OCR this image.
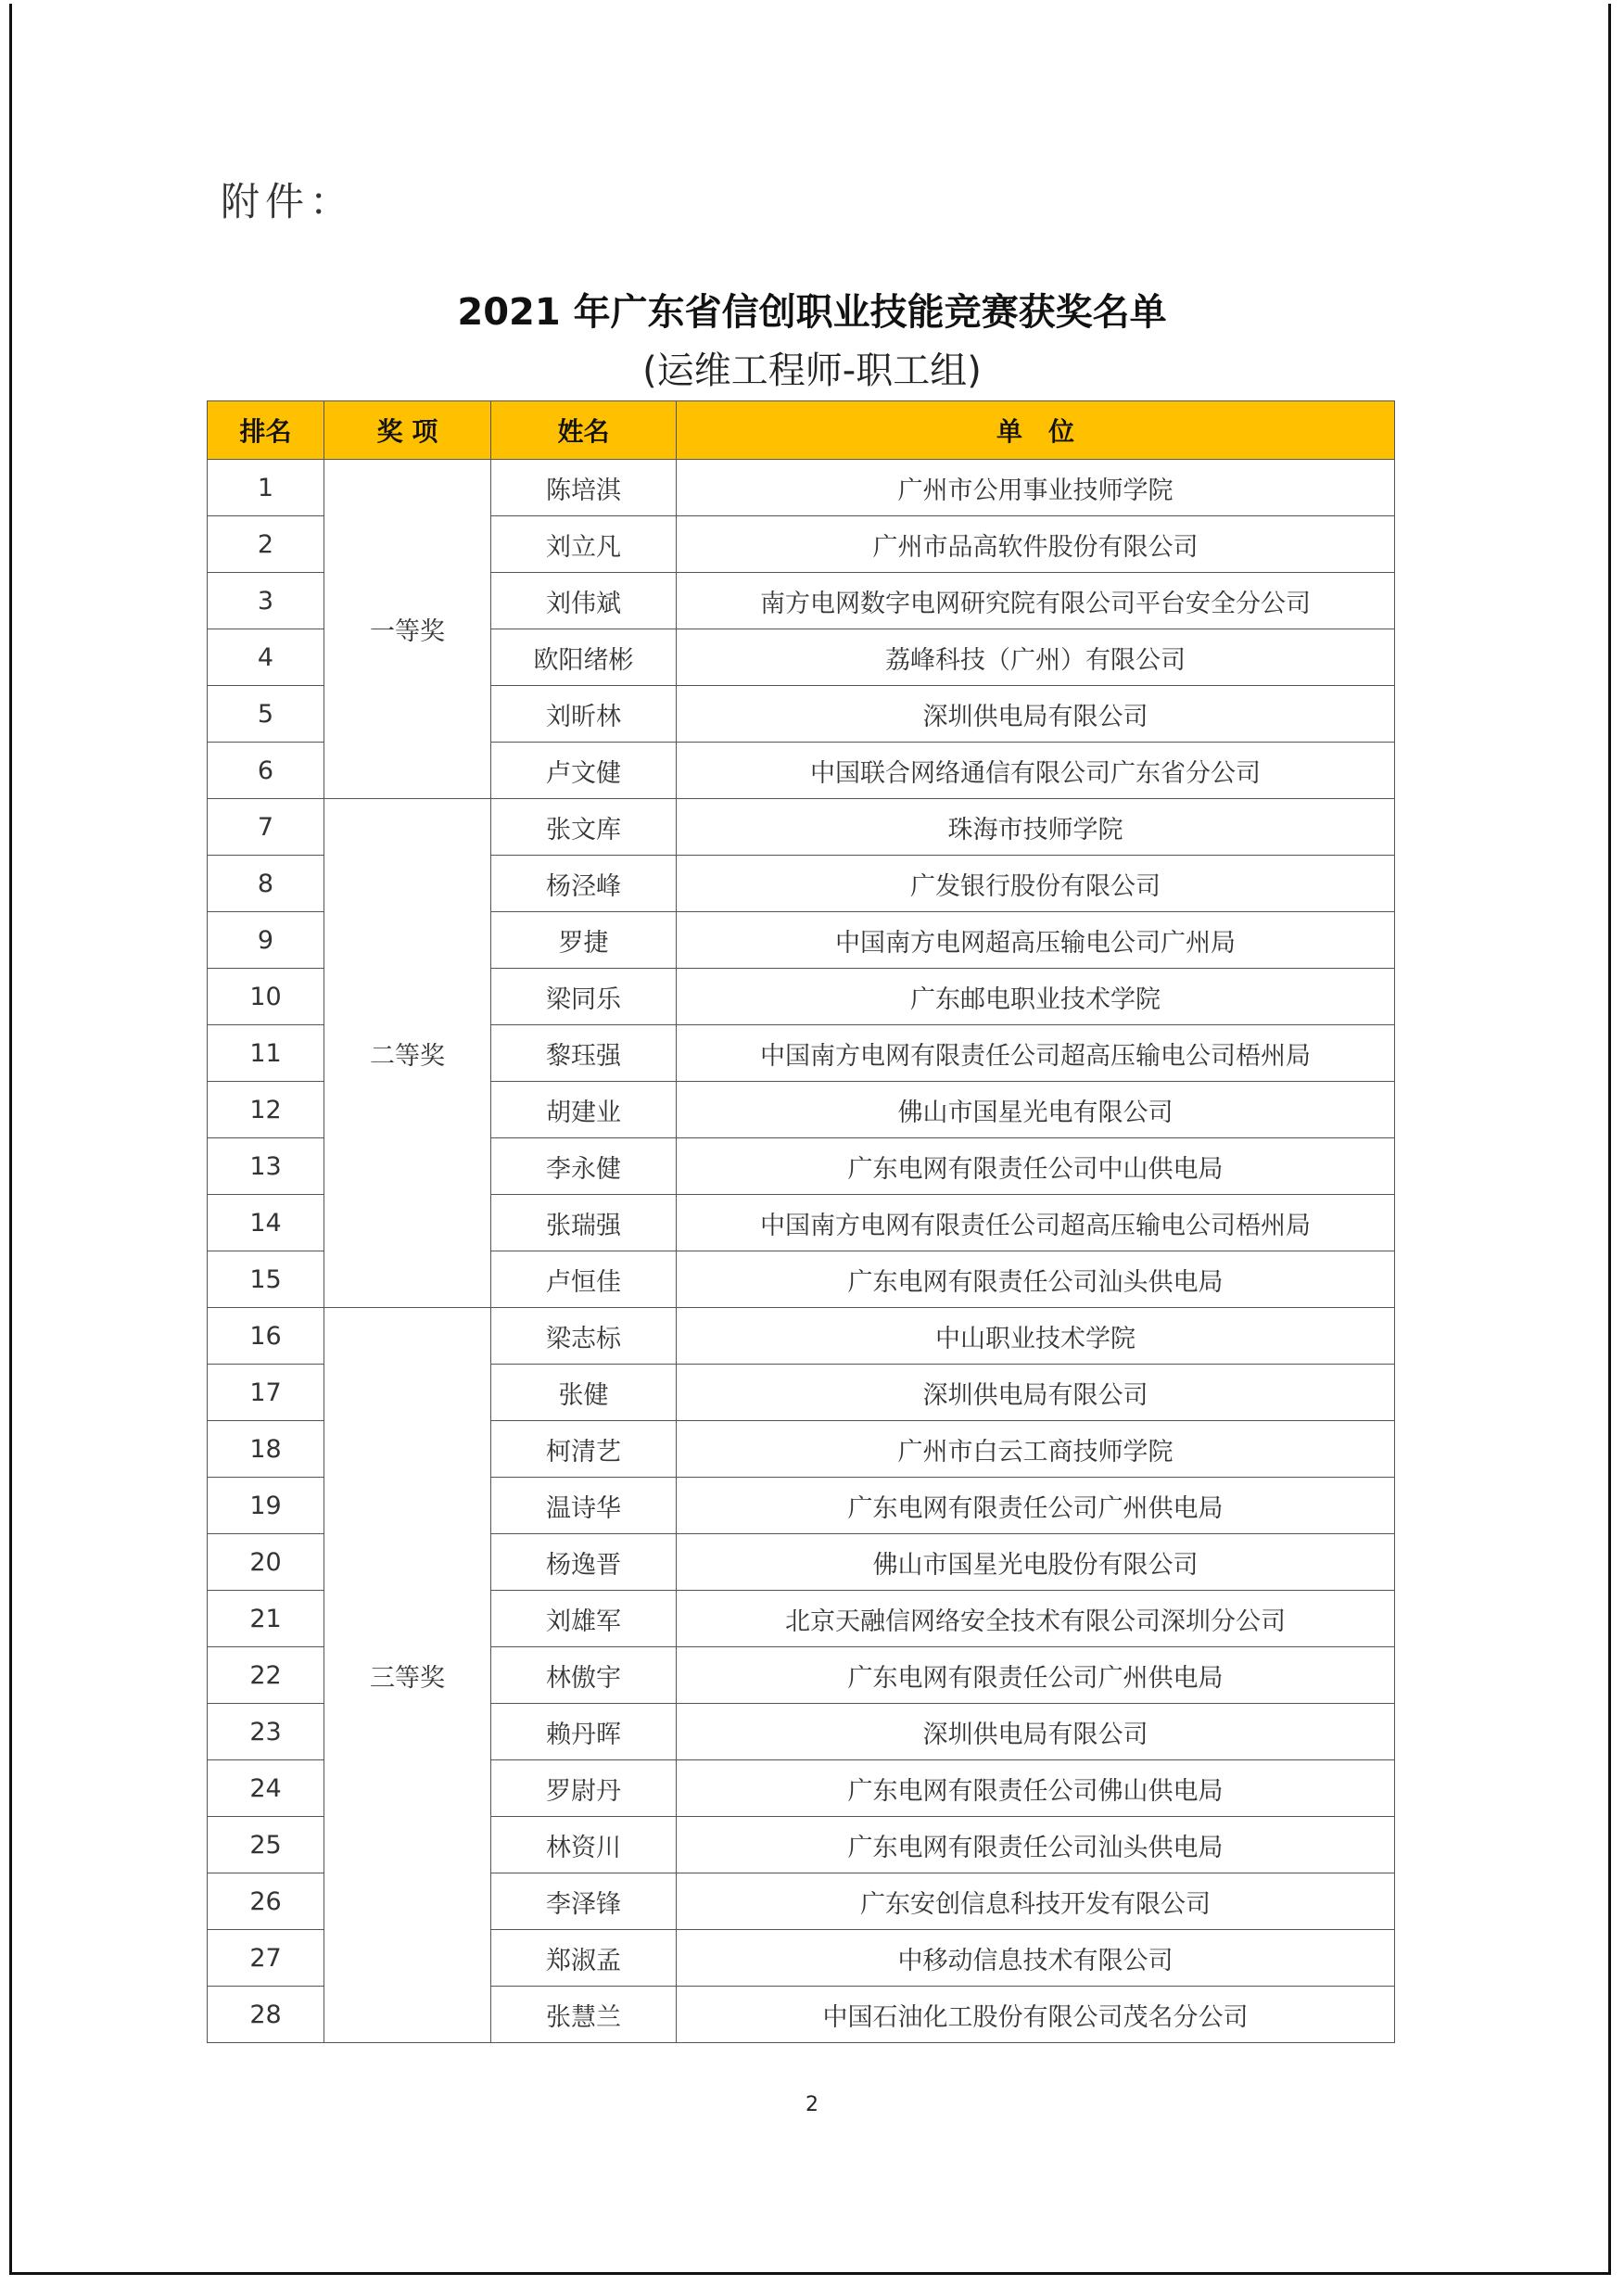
附件：
2021 年广东省信创职业技能竞赛获奖名单
(运维工程师-职工组)
排名	奖 项	姓名	单　位
1	一等奖	陈培淇	广州市公用事业技师学院
2		刘立凡	广州市品高软件股份有限公司
3		刘伟斌	南方电网数字电网研究院有限公司平台安全分公司
4		欧阳绪彬	荔峰科技（广州）有限公司
5		刘昕林	深圳供电局有限公司
6		卢文健	中国联合网络通信有限公司广东省分公司
7	二等奖	张文库	珠海市技师学院
8		杨泾峰	广发银行股份有限公司
9		罗捷	中国南方电网超高压输电公司广州局
10		梁同乐	广东邮电职业技术学院
11		黎珏强	中国南方电网有限责任公司超高压输电公司梧州局
12		胡建业	佛山市国星光电有限公司
13		李永健	广东电网有限责任公司中山供电局
14		张瑞强	中国南方电网有限责任公司超高压输电公司梧州局
15		卢恒佳	广东电网有限责任公司汕头供电局
16	三等奖	梁志标	中山职业技术学院
17		张健	深圳供电局有限公司
18		柯清艺	广州市白云工商技师学院
19		温诗华	广东电网有限责任公司广州供电局
20		杨逸晋	佛山市国星光电股份有限公司
21		刘雄军	北京天融信网络安全技术有限公司深圳分公司
22		林傲宇	广东电网有限责任公司广州供电局
23		赖丹晖	深圳供电局有限公司
24		罗尉丹	广东电网有限责任公司佛山供电局
25		林资川	广东电网有限责任公司汕头供电局
26		李泽锋	广东安创信息科技开发有限公司
27		郑淑孟	中移动信息技术有限公司
28		张慧兰	中国石油化工股份有限公司茂名分公司
2
